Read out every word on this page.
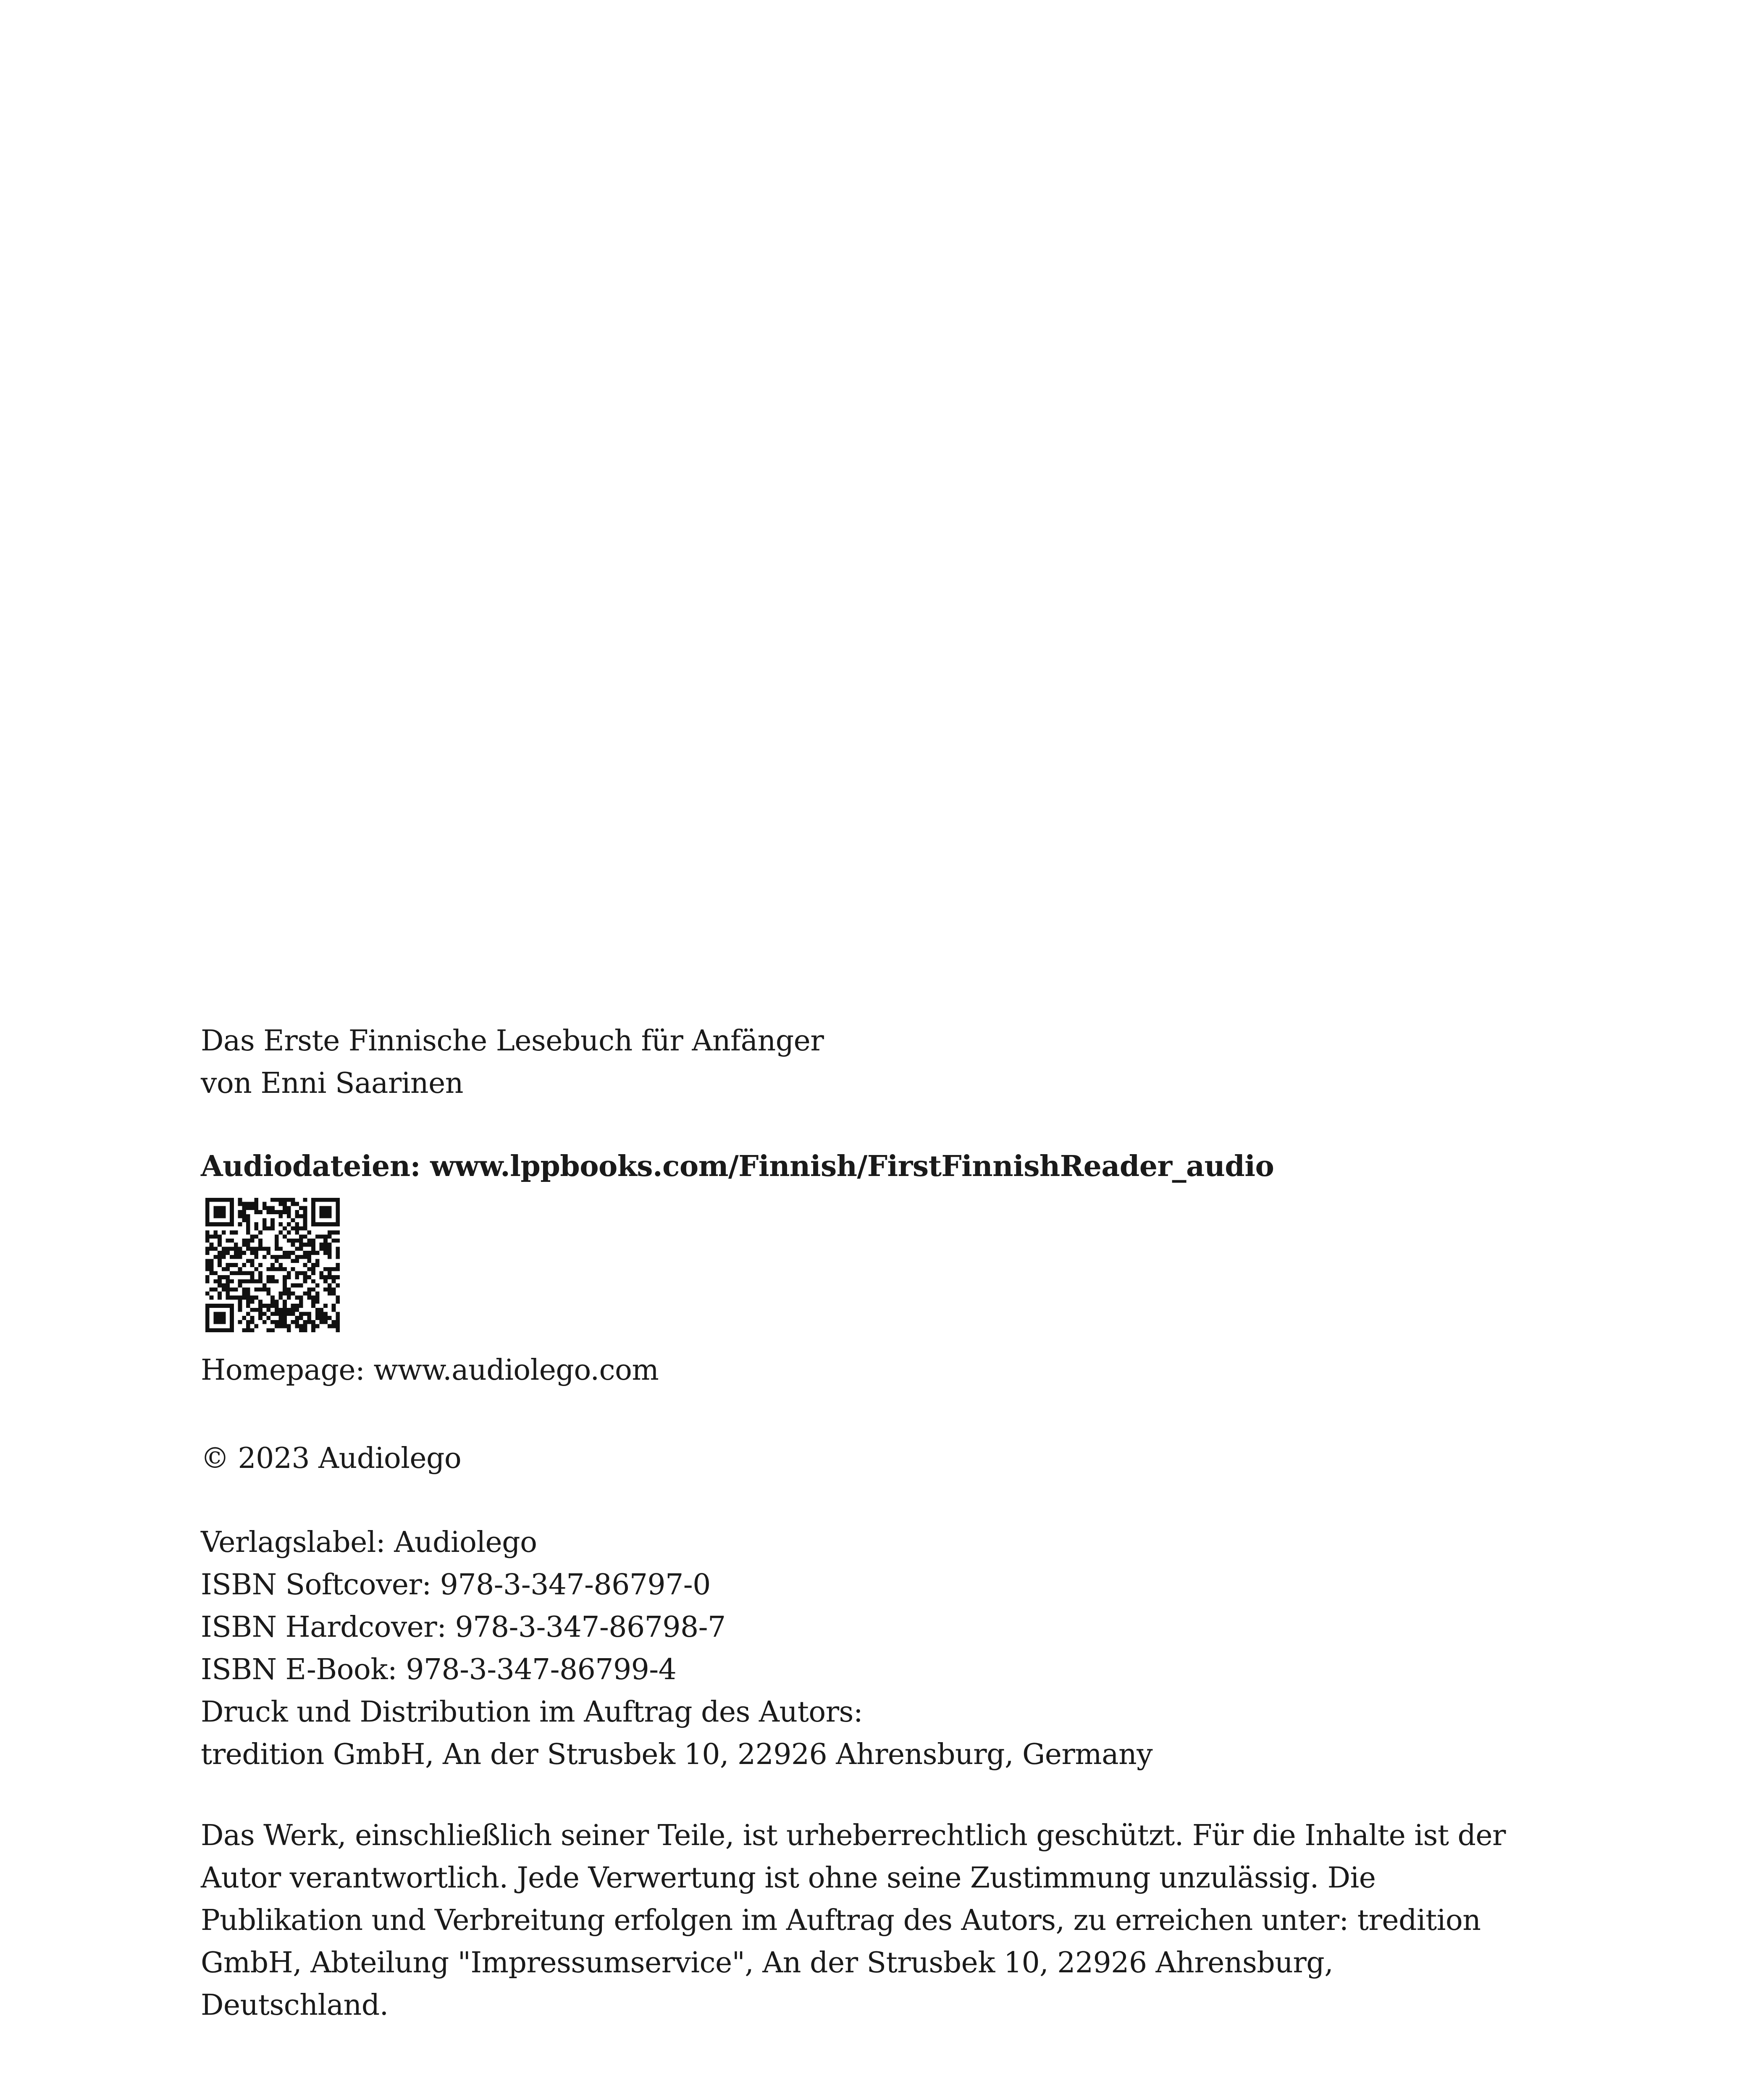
Das Erste Finnische Lesebuch für Anfänger
von Enni Saarinen
Audiodateien: www.lppbooks.com/Finnish/FirstFinnishReader_audio
Homepage: www.audiolego.com
© 2023 Audiolego
Verlagslabel: Audiolego
ISBN Softcover: 978-3-347-86797-0
ISBN Hardcover: 978-3-347-86798-7
ISBN E-Book: 978-3-347-86799-4
Druck und Distribution im Auftrag des Autors:
tredition GmbH, An der Strusbek 10, 22926 Ahrensburg, Germany
Das Werk, einschließlich seiner Teile, ist urheberrechtlich geschützt. Für die Inhalte ist der
Autor verantwortlich. Jede Verwertung ist ohne seine Zustimmung unzulässig. Die
Publikation und Verbreitung erfolgen im Auftrag des Autors, zu erreichen unter: tredition
GmbH, Abteilung "Impressumservice", An der Strusbek 10, 22926 Ahrensburg,
Deutschland.
